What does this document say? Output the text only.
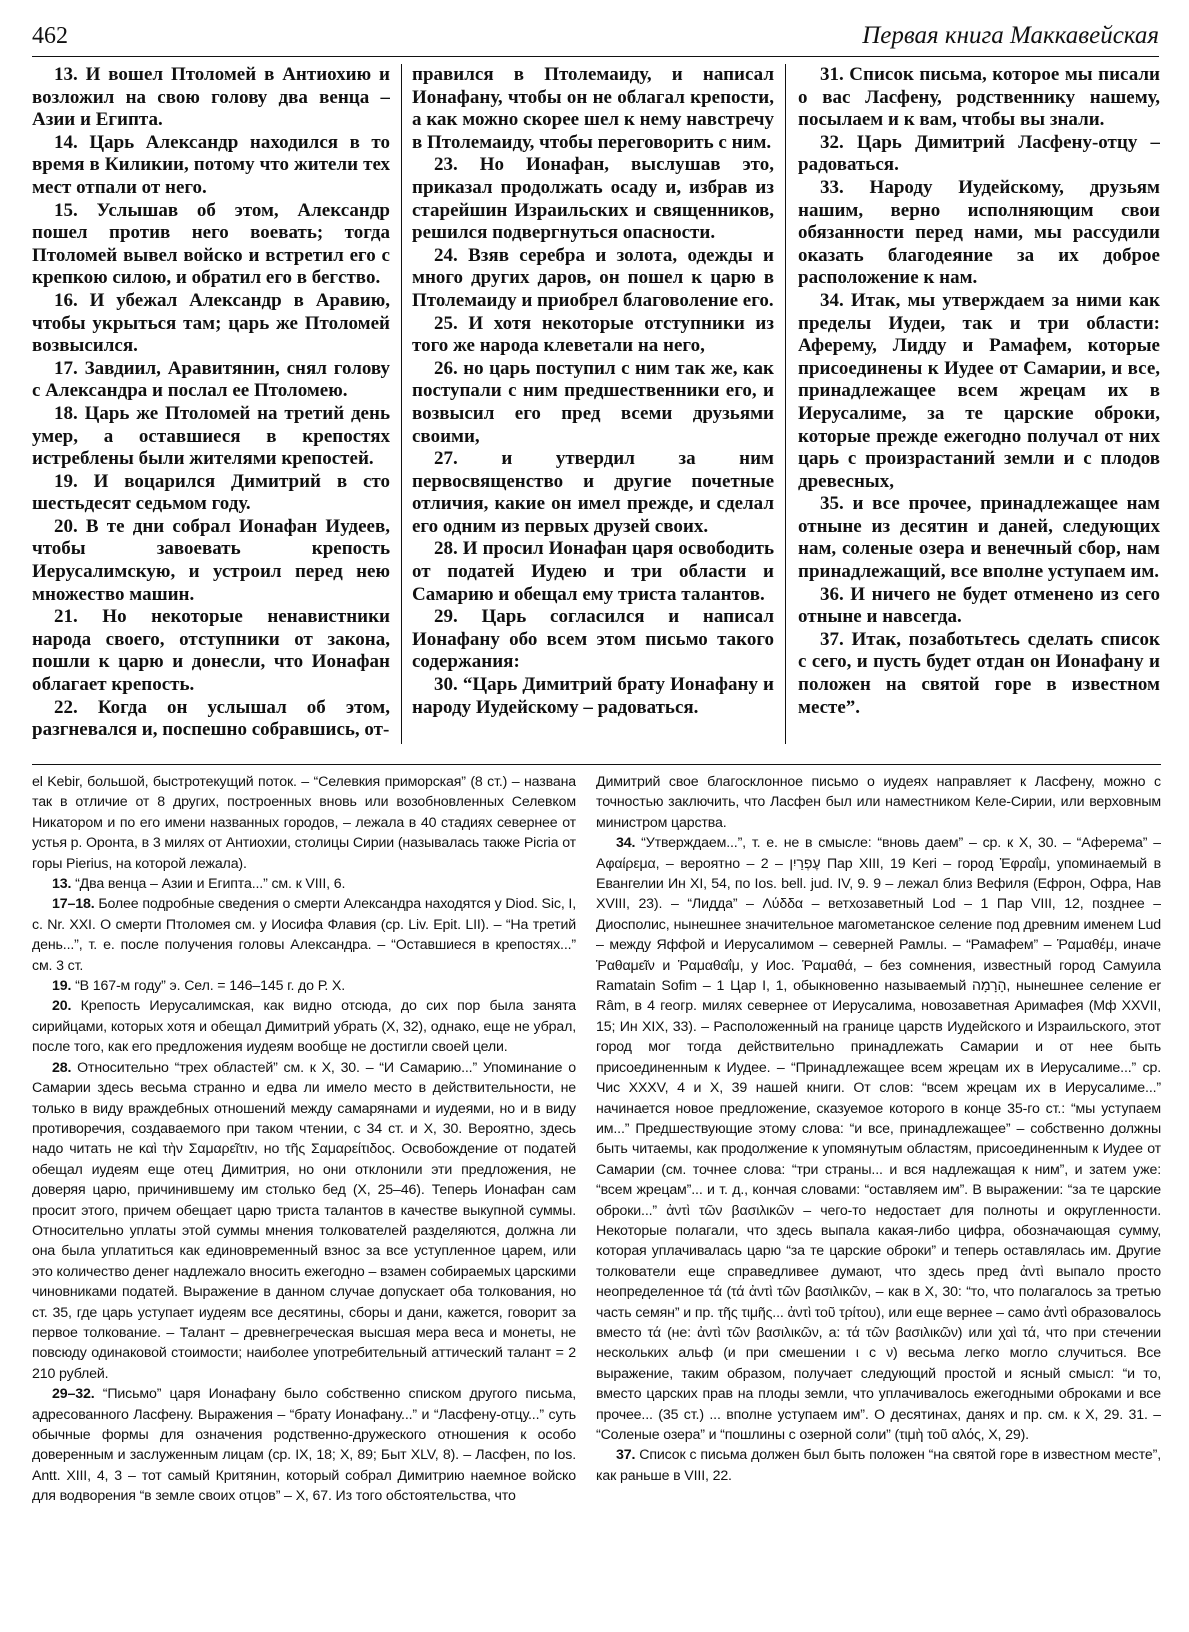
462	Первая книга Маккавейская

13. И вошел Птоломей в Антиохию и возложил на свою голову два венца – Азии и Египта.

14. Царь Александр находился в то время в Киликии, потому что жители тех мест отпали от него.

15. Услышав об этом, Александр пошел против него воевать; тогда Птоломей вывел войско и встретил его с крепкою силою, и обратил его в бегство.

16. И убежал Александр в Аравию, чтобы укрыться там; царь же Птоломей возвысился.

17. Завдиил, Аравитянин, снял голову с Александра и послал ее Птоломею.

18. Царь же Птоломей на третий день умер, а оставшиеся в крепостях истреблены были жителями крепостей.

19. И воцарился Димитрий в сто шестьдесят седьмом году.

20. В те дни собрал Ионафан Иудеев, чтобы завоевать крепость Иерусалимскую, и устроил перед нею множество машин.

21. Но некоторые ненавистники народа своего, отступники от закона, пошли к царю и донесли, что Ионафан облагает крепость.

22. Когда он услышал об этом, разгневался и, поспешно собравшись, от-

правился в Птолемаиду, и написал Ионафану, чтобы он не облагал крепости, а как можно скорее шел к нему навстречу в Птолемаиду, чтобы переговорить с ним.

23. Но Ионафан, выслушав это, приказал продолжать осаду и, избрав из старейшин Израильских и священников, решился подвергнуться опасности.

24. Взяв серебра и золота, одежды и много других даров, он пошел к царю в Птолемаиду и приобрел благоволение его.

25. И хотя некоторые отступники из того же народа клеветали на него,

26. но царь поступил с ним так же, как поступали с ним предшественники его, и возвысил его пред всеми друзьями своими,

27. и утвердил за ним первосвященство и другие почетные отличия, какие он имел прежде, и сделал его одним из первых друзей своих.

28. И просил Ионафан царя освободить от податей Иудею и три области и Самарию и обещал ему триста талантов.

29. Царь согласился и написал Ионафану обо всем этом письмо такого содержания:

30. “Царь Димитрий брату Ионафану и народу Иудейскому – радоваться.

31. Список письма, которое мы писали о вас Ласфену, родственнику нашему, посылаем и к вам, чтобы вы знали.

32. Царь Димитрий Ласфену-отцу – радоваться.

33. Народу Иудейскому, друзьям нашим, верно исполняющим свои обязанности перед нами, мы рассудили оказать благодеяние за их доброе расположение к нам.

34. Итак, мы утверждаем за ними как пределы Иудеи, так и три области: Аферему, Лидду и Рамафем, которые присоединены к Иудее от Самарии, и все, принадлежащее всем жрецам их в Иерусалиме, за те царские оброки, которые прежде ежегодно получал от них царь с произрастаний земли и с плодов древесных,

35. и все прочее, принадлежащее нам отныне из десятин и даней, следующих нам, соленые озера и венечный сбор, нам принадлежащий, все вполне уступаем им.

36. И ничего не будет отменено из сего отныне и навсегда.

37. Итак, позаботьтесь сделать список с сего, и пусть будет отдан он Ионафану и положен на святой горе в известном месте”.

el Kebir, большой, быстротекущий поток. – “Селевкия приморская” (8 ст.) – названа так в отличие от 8 других, построенных вновь или возобновленных Селевком Никатором и по его имени названных городов, – лежала в 40 стадиях севернее от устья р. Оронта, в 3 милях от Антиохии, столицы Сирии (называлась также Picria от горы Pierius, на которой лежала).

13. “Два венца – Азии и Египта...” см. к VIII, 6.

17–18. Более подробные сведения о смерти Александра находятся у Diod. Sic, I, c. Nr. XXI. О смерти Птоломея см. у Иосифа Флавия (ср. Liv. Epit. LII). – “На третий день...”, т. е. после получения головы Александра. – “Оставшиеся в крепостях...” см. 3 ст.

19. “В 167-м году” э. Сел. = 146–145 г. до Р. Х.

20. Крепость Иерусалимская, как видно отсюда, до сих пор была занята сирийцами, которых хотя и обещал Димитрий убрать (Х, 32), однако, еще не убрал, после того, как его предложения иудеям вообще не достигли своей цели.

28. Относительно “трех областей” см. к Х, 30. – “И Самарию...” Упоминание о Самарии здесь весьма странно и едва ли имело место в действительности, не только в виду враждебных отношений между самарянами и иудеями, но и в виду противоречия, создаваемого при таком чтении, с 34 ст. и Х, 30. Вероятно, здесь надо читать не καὶ τὴν Σαμαρεῖτιν, но τῆς Σαμαρείτιδος. Освобождение от податей обещал иудеям еще отец Димитрия, но они отклонили эти предложения, не доверяя царю, причинившему им столько бед (Х, 25–46). Теперь Ионафан сам просит этого, причем обещает царю триста талантов в качестве выкупной суммы. Относительно уплаты этой суммы мнения толкователей разделяются, должна ли она была уплатиться как единовременный взнос за все уступленное царем, или это количество денег надлежало вносить ежегодно – взамен собираемых царскими чиновниками податей. Выражение в данном случае допускает оба толкования, но ст. 35, где царь уступает иудеям все десятины, сборы и дани, кажется, говорит за первое толкование. – Талант – древнегреческая высшая мера веса и монеты, не повсюду одинаковой стоимости; наиболее употребительный аттический талант = 2 210 рублей.

29–32. “Письмо” царя Ионафану было собственно списком другого письма, адресованного Ласфену. Выражения – “брату Ионафану...” и “Ласфену-отцу...” суть обычные формы для означения родственно-дружеского отношения к особо доверенным и заслуженным лицам (ср. IX, 18; Х, 89; Быт XLV, 8). – Ласфен, по Ios. Antt. XIII, 4, 3 – тот самый Критянин, который собрал Димитрию наемное войско для водворения “в земле своих отцов” – Х, 67. Из того обстоятельства, что

Димитрий свое благосклонное письмо о иудеях направляет к Ласфену, можно с точностью заключить, что Ласфен был или наместником Келе-Сирии, или верховным министром царства.

34. “Утверждаем...”, т. е. не в смысле: “вновь даем” – ср. к Х, 30. – “Аферема” – Αφαίρεμα, – вероятно – עֶפְרַיִן – 2 Пар XIII, 19 Keri – город Ἐφραΐμ, упоминаемый в Евангелии Ин XI, 54, по Ios. bell. jud. IV, 9. 9 – лежал близ Вефиля (Ефрон, Офра, Нав XVIII, 23). – “Лидда” – Λύδδα – ветхозаветный Lod – 1 Пар VIII, 12, позднее – Диосполис, нынешнее значительное магометанское селение под древним именем Lud – между Яффой и Иерусалимом – северней Рамлы. – “Рамафем” – Ῥαμαθέμ, иначе Ῥαθαμεῖν и Ῥαμαθαΐμ, у Иос. Ῥαμαθά, – без сомнения, известный город Самуила Ramatain Sofim – 1 Цар I, 1, обыкновенно называемый הָרָמָה, нынешнее селение er Râm, в 4 геогр. милях севернее от Иерусалима, новозаветная Аримафея (Мф XXVII, 15; Ин XIX, 33). – Расположенный на границе царств Иудейского и Израильского, этот город мог тогда действительно принадлежать Самарии и от нее быть присоединенным к Иудее. – “Принадлежащее всем жрецам их в Иерусалиме...” ср. Чис XXXV, 4 и Х, 39 нашей книги. От слов: “всем жрецам их в Иерусалиме...” начинается новое предложение, сказуемое которого в конце 35-го ст.: “мы уступаем им...” Предшествующие этому слова: “и все, принадлежащее” – собственно должны быть читаемы, как продолжение к упомянутым областям, присоединенным к Иудее от Самарии (см. точнее слова: “три страны... и вся надлежащая к ним”, и затем уже: “всем жрецам”... и т. д., кончая словами: “оставляем им”. В выражении: “за те царские оброки...” ἀντὶ τῶν βασιλικῶν – чего-то недостает для полноты и округленности. Некоторые полагали, что здесь выпала какая-либо цифра, обозначающая сумму, которая уплачивалась царю “за те царские оброки” и теперь оставлялась им. Другие толкователи еще справедливее думают, что здесь пред ἀντὶ выпало просто неопределенное τά (τά ἀντὶ τῶν βασιλικῶν, – как в Х, 30: “то, что полагалось за третью часть семян” и пр. τῆς τιμῆς... ἀντὶ τοῦ τρίτου), или еще вернее – само ἀντὶ образовалось вместо τά (не: ἀντὶ τῶν βασιλικῶν, а: τά τῶν βασιλικῶν) или χαὶ τά, что при стечении нескольких альф (и при смешении ι с ν) весьма легко могло случиться. Все выражение, таким образом, получает следующий простой и ясный смысл: “и то, вместо царских прав на плоды земли, что уплачивалось ежегодными оброками и все прочее... (35 ст.) ... вполне уступаем им”. О десятинах, данях и пр. см. к Х, 29. 31. – “Соленые озера” и “пошлины с озерной соли” (τιμὴ τοῦ αλός, Х, 29).

37. Список с письма должен был быть положен “на святой горе в известном месте”, как раньше в VIII, 22.
